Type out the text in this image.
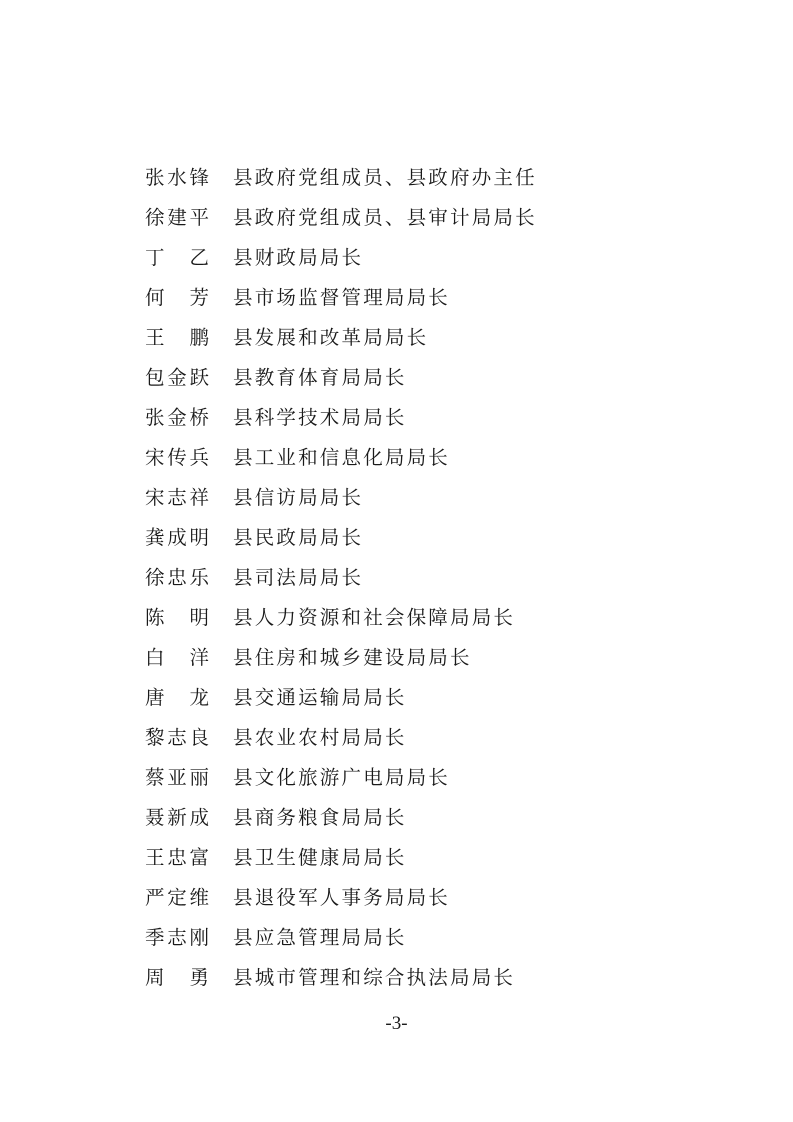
张水锋 县政府党组成员、县政府办主任
徐建平 县政府党组成员、县审计局局长
丁 乙 县财政局局长
何 芳 县市场监督管理局局长
王 鹏 县发展和改革局局长
包金跃 县教育体育局局长
张金桥 县科学技术局局长
宋传兵 县工业和信息化局局长
宋志祥 县信访局局长
龚成明 县民政局局长
徐忠乐 县司法局局长
陈 明 县人力资源和社会保障局局长
白 洋 县住房和城乡建设局局长
唐 龙 县交通运输局局长
黎志良 县农业农村局局长
蔡亚丽 县文化旅游广电局局长
聂新成 县商务粮食局局长
王忠富 县卫生健康局局长
严定维 县退役军人事务局局长
季志刚 县应急管理局局长
周 勇 县城市管理和综合执法局局长
-3-
